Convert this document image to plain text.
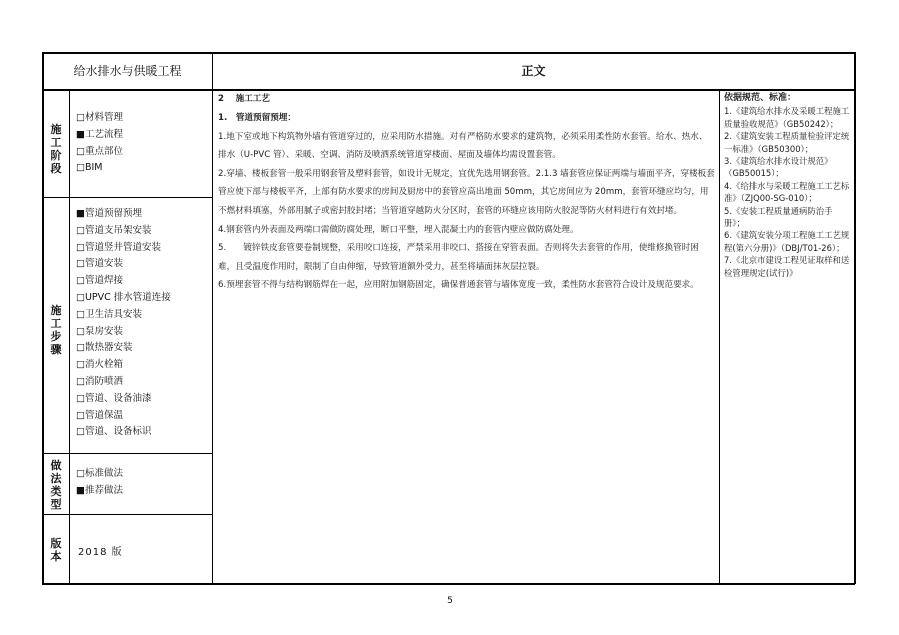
给水排水与供暖工程	正文
施
工
阶
段
□材料管理
■工艺流程
□重点部位
□BIM
施
工
步
骤
■管道预留预埋
□管道支吊架安装
□管道竖井管道安装
□管道安装
□管道焊接
□UPVC 排水管道连接
□卫生洁具安装
□泵房安装
□散热器安装
□消火栓箱
□消防喷洒
□管道、设备油漆
□管道保温
□管道、设备标识
做
法
类
型
□标准做法
■推荐做法
版
本 2018 版

2　 施工工艺

1.　管道预留预埋：

1.地下室或地下构筑物外墙有管道穿过的，应采用防水措施。对有严格防水要求的建筑物，必须采用柔性防水套管。给水、热水、排水（U-PVC 管）、采暖、空调、消防及喷洒系统管道穿楼面、屋面及墙体均需设置套管。

2.穿墙、楼板套管一般采用钢套管及塑料套管，如设计无规定，宜优先选用钢套管。2.1.3 墙套管应保证两端与墙面平齐，穿楼板套管应使下部与楼板平齐，上部有防水要求的房间及厨房中的套管应高出地面 50mm，其它房间应为 20mm，套管环缝应均匀，用不燃材料填塞，外部用腻子或密封胶封堵；当管道穿越防火分区时，套管的环缝应该用防火胶泥等防火材料进行有效封堵。

4.钢套管内外表面及两端口需做防腐处理，断口平整，埋入混凝土内的套管内壁应做防腐处理。

5.　　镀锌铁皮套管要卷制规整，采用咬口连接，严禁采用非咬口、搭接在穿管表面。否则将失去套管的作用，使维修换管时困难，且受温度作用时，限制了自由伸缩，导致管道额外受力，甚至将墙面抹灰层拉裂。

6.预埋套管不得与结构钢筋焊在一起，应用附加钢筋固定，确保普通套管与墙体宽度一致，柔性防水套管符合设计及规范要求。

依据规范、标准：

1.《建筑给水排水及采暖工程施工质量验收规范》（GB50242）；

2.《建筑安装工程质量检验评定统一标准》（GB50300）；

3.《建筑给水排水设计规范》（GB50015）；

4.《给排水与采暖工程施工工艺标准》（ZJQ00-SG-010）；

5.《安装工程质量通病防治手册》；

6.《建筑安装分项工程施工工艺规程(第六分册)》（DBJ/T01-26）；

7.《北京市建设工程见证取样和送检管理规定(试行)》

5
